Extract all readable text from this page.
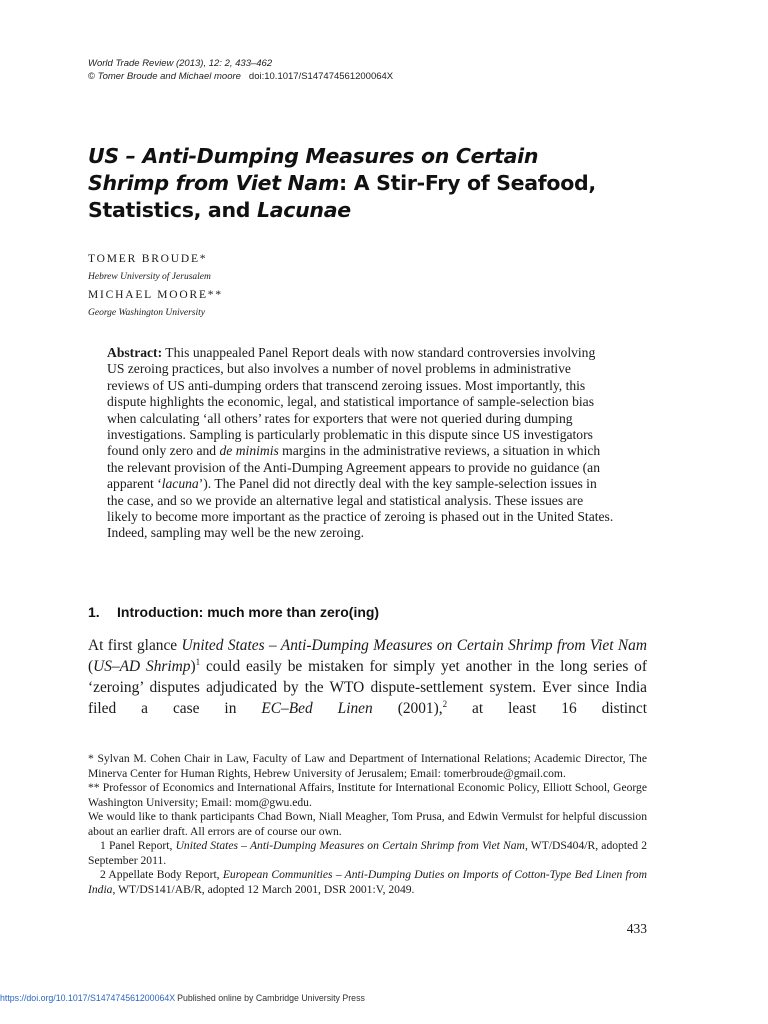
World Trade Review (2013), 12: 2, 433–462
© Tomer Broude and Michael moore doi:10.1017/S147474561200064X
US – Anti-Dumping Measures on Certain
Shrimp from Viet Nam: A Stir-Fry of Seafood,
Statistics, and Lacunae
TOMER BROUDE*
Hebrew University of Jerusalem
MICHAEL MOORE**
George Washington University
Abstract: This unappealed Panel Report deals with now standard controversies involving US zeroing practices, but also involves a number of novel problems in administrative reviews of US anti-dumping orders that transcend zeroing issues. Most importantly, this dispute highlights the economic, legal, and statistical importance of sample-selection bias when calculating ‘all others’ rates for exporters that were not queried during dumping investigations. Sampling is particularly problematic in this dispute since US investigators found only zero and de minimis margins in the administrative reviews, a situation in which the relevant provision of the Anti-Dumping Agreement appears to provide no guidance (an apparent ‘lacuna’). The Panel did not directly deal with the key sample-selection issues in the case, and so we provide an alternative legal and statistical analysis. These issues are likely to become more important as the practice of zeroing is phased out in the United States. Indeed, sampling may well be the new zeroing.
1. Introduction: much more than zero(ing)
At first glance United States – Anti-Dumping Measures on Certain Shrimp from Viet Nam (US–AD Shrimp)$^1$ could easily be mistaken for simply yet another in the long series of ‘zeroing’ disputes adjudicated by the WTO dispute-settlement system. Ever since India filed a case in EC–Bed Linen (2001),$^2$ at least 16 distinct

* Sylvan M. Cohen Chair in Law, Faculty of Law and Department of International Relations; Academic Director, The Minerva Center for Human Rights, Hebrew University of Jerusalem; Email: tomerbroude@gmail.com.

** Professor of Economics and International Affairs, Institute for International Economic Policy, Elliott School, George Washington University; Email: mom@gwu.edu.

We would like to thank participants Chad Bown, Niall Meagher, Tom Prusa, and Edwin Vermulst for helpful discussion about an earlier draft. All errors are of course our own.

1 Panel Report, United States – Anti-Dumping Measures on Certain Shrimp from Viet Nam, WT/DS404/R, adopted 2 September 2011.

2 Appellate Body Report, European Communities – Anti-Dumping Duties on Imports of Cotton-Type Bed Linen from India, WT/DS141/AB/R, adopted 12 March 2001, DSR 2001:V, 2049.

433
https://doi.org/10.1017/S147474561200064X Published online by Cambridge University Press
